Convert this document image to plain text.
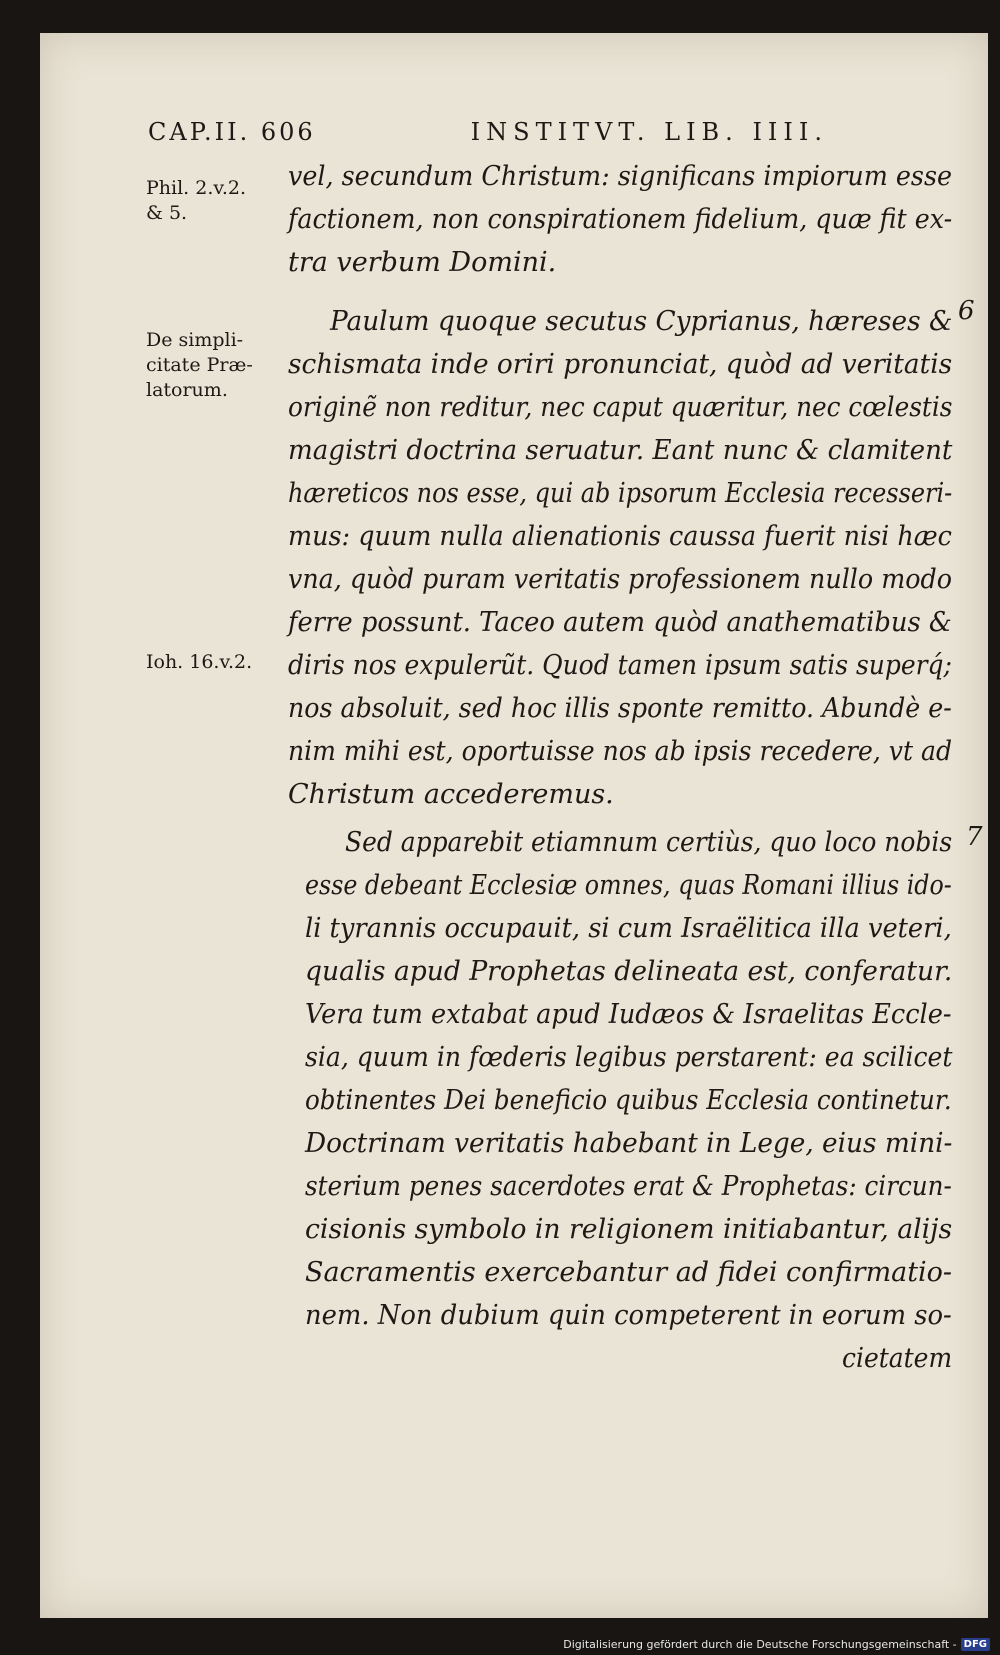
CAP.II. 606	INSTITVT. LIB. IIII.
Phil. 2.v.2.
& 5.
De simpli-
citate Præ-
latorum.
Ioh. 16.v.2.
6
7
vel, secundum Christum: significans impiorum esse
factionem, non conspirationem fidelium, quæ fit ex-
tra verbum Domini.
Paulum quoque secutus Cyprianus, hæreses &
schismata inde oriri pronunciat, quòd ad veritatis
originẽ non reditur, nec caput quæritur, nec cœlestis
magistri doctrina seruatur. Eant nunc & clamitent
hæreticos nos esse, qui ab ipsorum Ecclesia recesseri-
mus: quum nulla alienationis caussa fuerit nisi hæc
vna, quòd puram veritatis professionem nullo modo
ferre possunt. Taceo autem quòd anathematibus &
diris nos expulerũt. Quod tamen ipsum satis superq́;
nos absoluit, sed hoc illis sponte remitto. Abundè e-
nim mihi est, oportuisse nos ab ipsis recedere, vt ad
Christum accederemus.
Sed apparebit etiamnum certiùs, quo loco nobis
esse debeant Ecclesiæ omnes, quas Romani illius ido-
li tyrannis occupauit, si cum Israëlitica illa veteri,
qualis apud Prophetas delineata est, conferatur.
Vera tum extabat apud Iudæos & Israelitas Eccle-
sia, quum in fœderis legibus perstarent: ea scilicet
obtinentes Dei beneficio quibus Ecclesia continetur.
Doctrinam veritatis habebant in Lege, eius mini-
sterium penes sacerdotes erat & Prophetas: circun-
cisionis symbolo in religionem initiabantur, alijs
Sacramentis exercebantur ad fidei confirmatio-
nem. Non dubium quin competerent in eorum so-
cietatem
Digitalisierung gefördert durch die Deutsche Forschungsgemeinschaft - DFG
